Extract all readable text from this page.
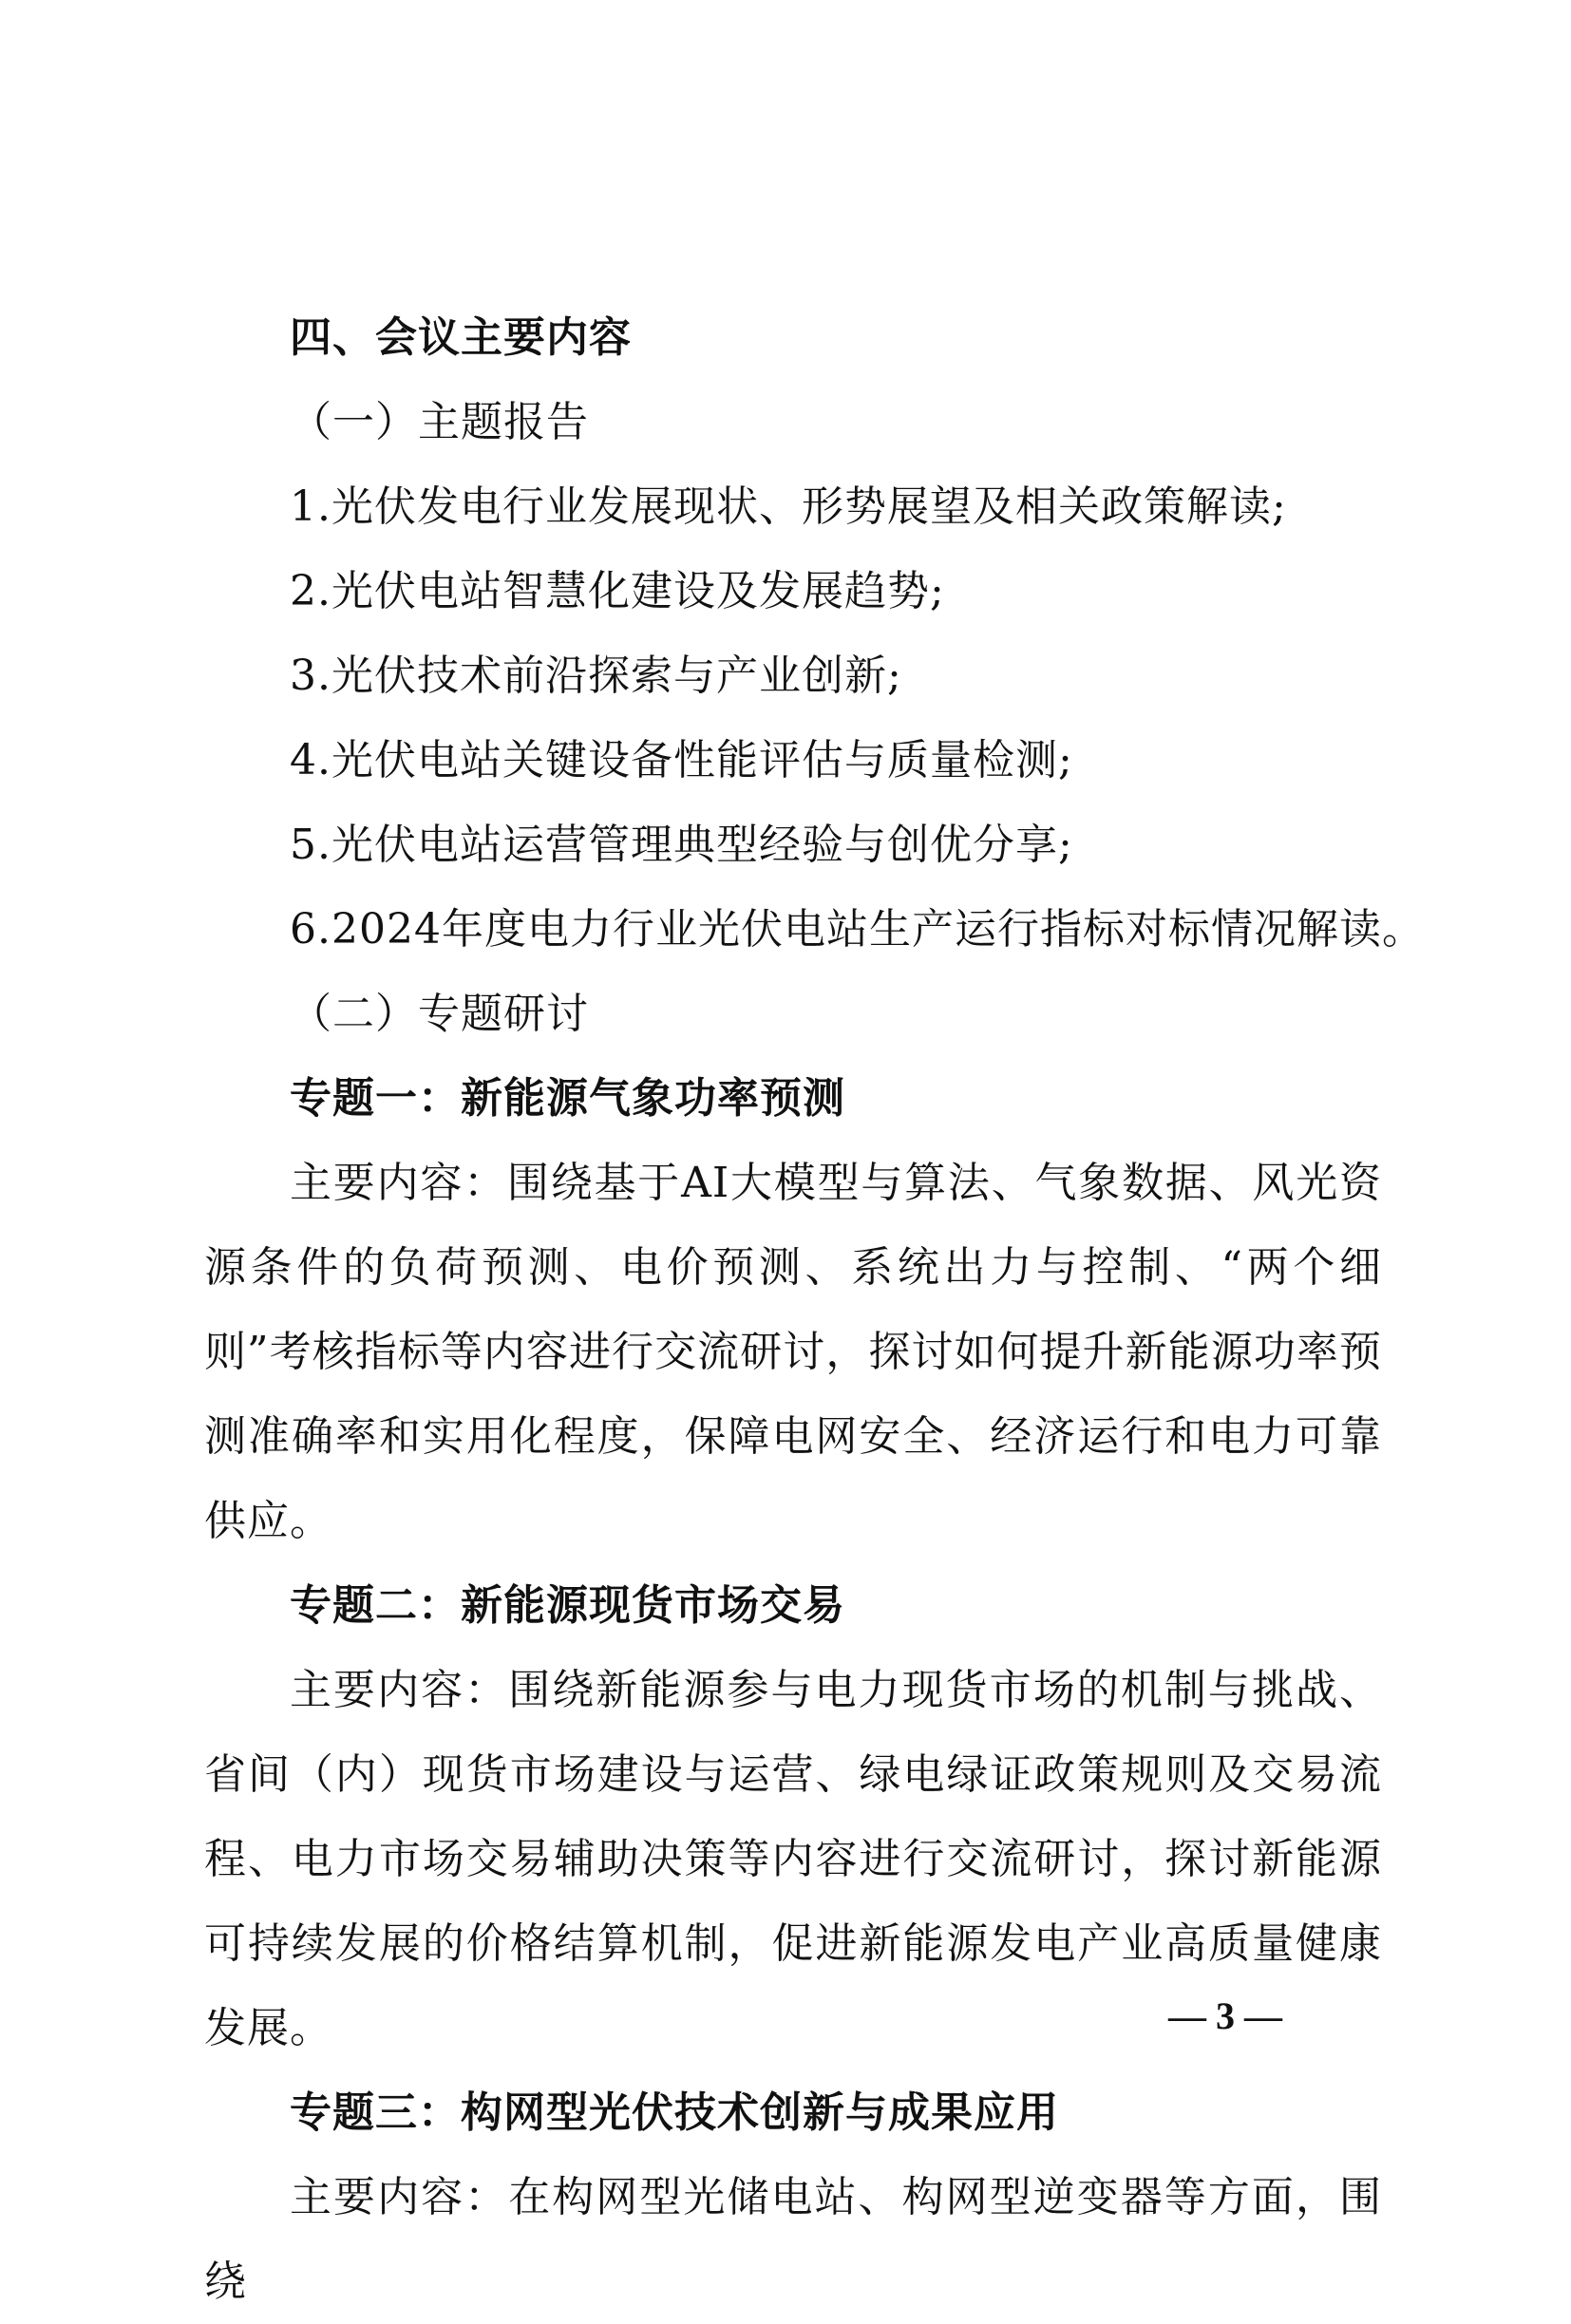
四、会议主要内容
（一）主题报告
1.光伏发电行业发展现状、形势展望及相关政策解读;
2.光伏电站智慧化建设及发展趋势;
3.光伏技术前沿探索与产业创新;
4.光伏电站关键设备性能评估与质量检测;
5.光伏电站运营管理典型经验与创优分享;
6.2024年度电力行业光伏电站生产运行指标对标情况解读。
（二）专题研讨
专题一：新能源气象功率预测
主要内容：围绕基于AI大模型与算法、气象数据、风光资源条件的负荷预测、电价预测、系统出力与控制、“两个细则”考核指标等内容进行交流研讨，探讨如何提升新能源功率预测准确率和实用化程度，保障电网安全、经济运行和电力可靠供应。
专题二：新能源现货市场交易
主要内容：围绕新能源参与电力现货市场的机制与挑战、省间（内）现货市场建设与运营、绿电绿证政策规则及交易流程、电力市场交易辅助决策等内容进行交流研讨，探讨新能源可持续发展的价格结算机制，促进新能源发电产业高质量健康发展。
专题三：构网型光伏技术创新与成果应用
主要内容：在构网型光储电站、构网型逆变器等方面，围绕
— 3 —
